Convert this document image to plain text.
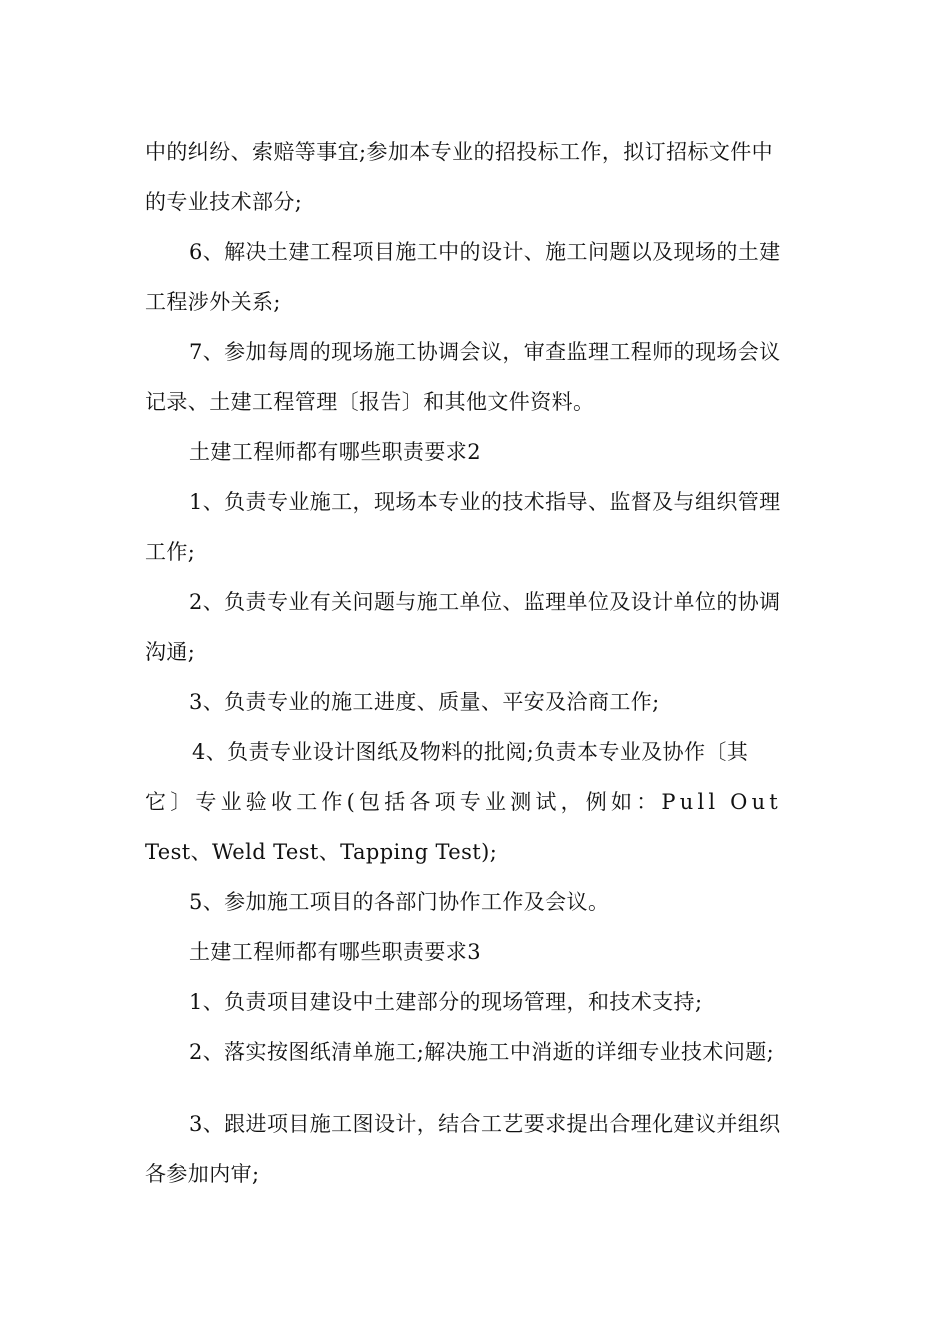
中的纠纷、索赔等事宜;参加本专业的招投标工作，拟订招标文件中
的专业技术部分;
6、解决土建工程项目施工中的设计、施工问题以及现场的土建
工程涉外关系;
7、参加每周的现场施工协调会议，审查监理工程师的现场会议
记录、土建工程管理〔报告〕和其他文件资料。
土建工程师都有哪些职责要求2
1、负责专业施工，现场本专业的技术指导、监督及与组织管理
工作;
2、负责专业有关问题与施工单位、监理单位及设计单位的协调
沟通;
3、负责专业的施工进度、质量、平安及洽商工作;
4、负责专业设计图纸及物料的批阅;负责本专业及协作〔其
它〕专业验收工作(包括各项专业测试，例如：Pull Out
Test、Weld Test、Tapping Test);
5、参加施工项目的各部门协作工作及会议。
土建工程师都有哪些职责要求3
1、负责项目建设中土建部分的现场管理，和技术支持;
2、落实按图纸清单施工;解决施工中消逝的详细专业技术问题;
3、跟进项目施工图设计，结合工艺要求提出合理化建议并组织
各参加内审;
